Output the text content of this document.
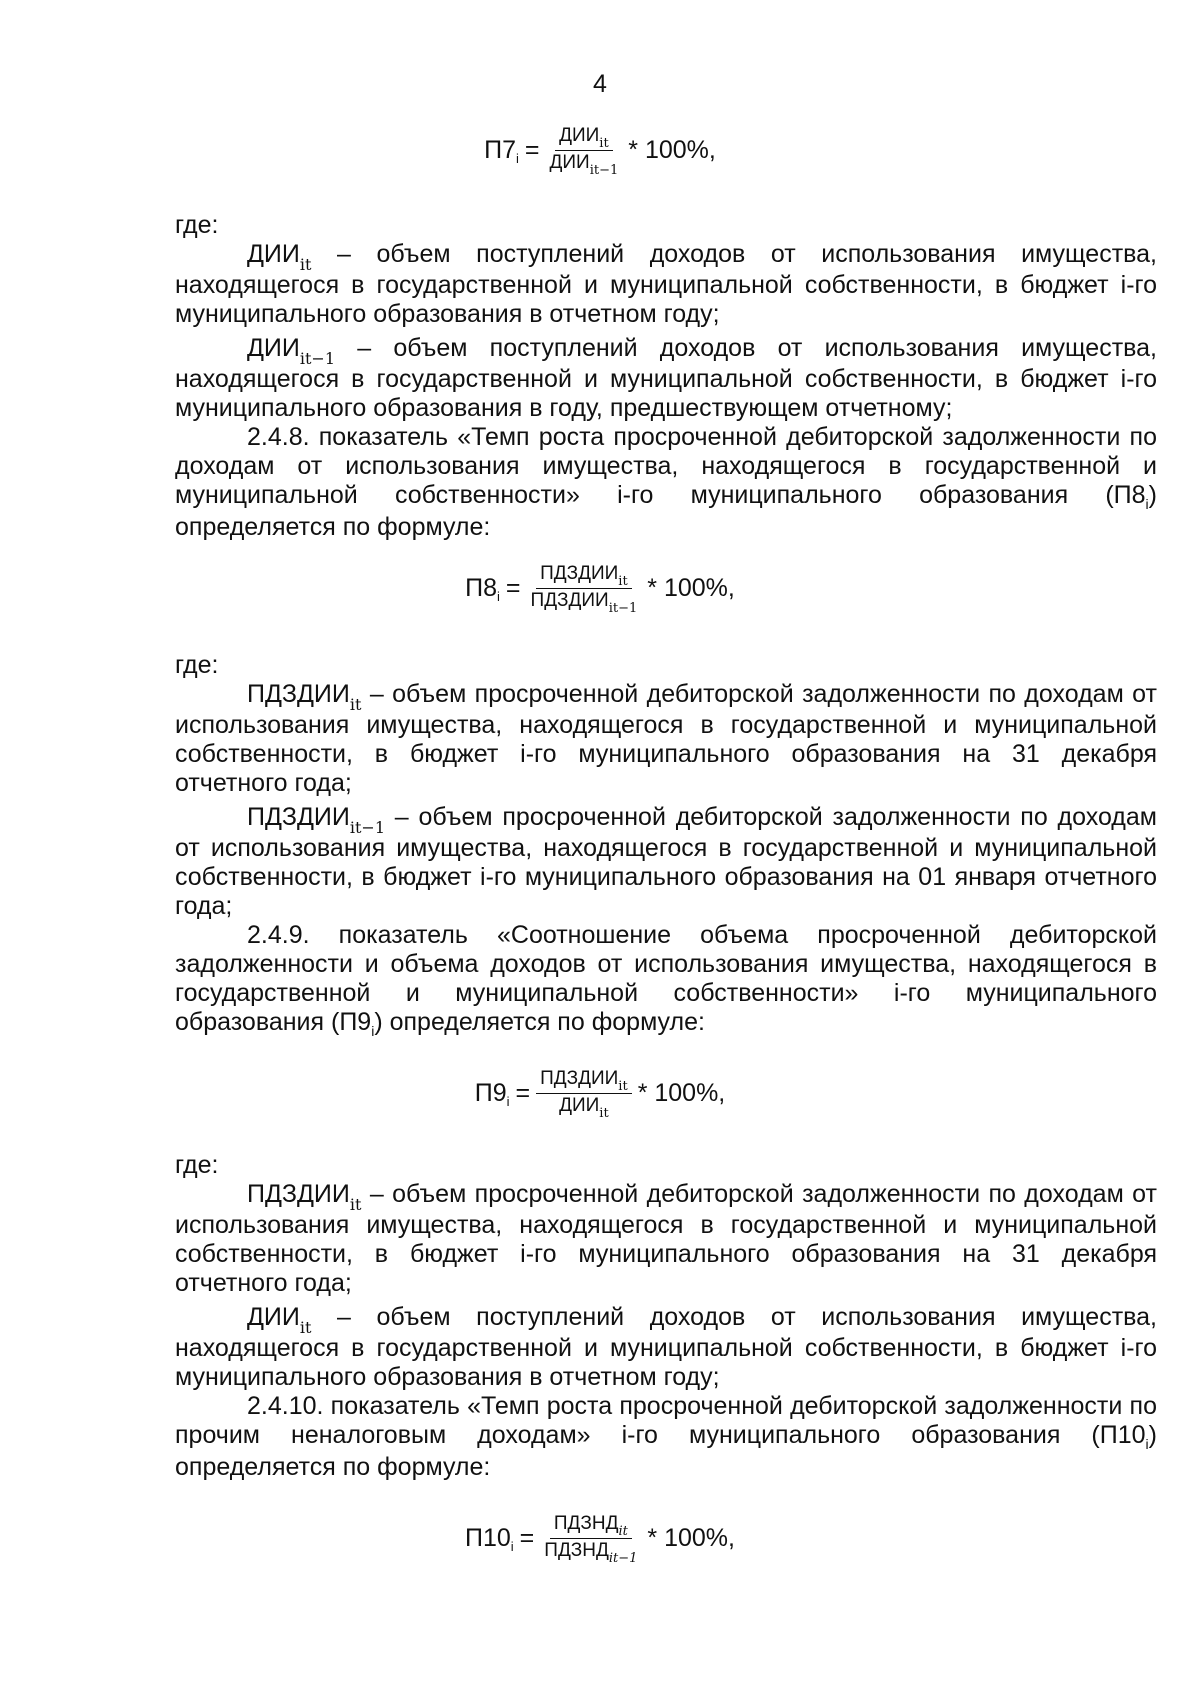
4
$П7_i = \frac{ДИИ_{it}}{ДИИ_{it-1}} * 100\%$,

где:

$ДИИ_{it}$ – объем поступлений доходов от использования имущества, находящегося в государственной и муниципальной собственности, в бюджет i-го муниципального образования в отчетном году;

$ДИИ_{it-1}$ – объем поступлений доходов от использования имущества, находящегося в государственной и муниципальной собственности, в бюджет i-го муниципального образования в году, предшествующем отчетному;

2.4.8. показатель «Темп роста просроченной дебиторской задолженности по доходам от использования имущества, находящегося в государственной и муниципальной собственности» i-го муниципального образования $(П8_i)$ определяется по формуле:

$П8_i = \frac{ПДЗДИИ_{it}}{ПДЗДИИ_{it-1}} * 100\%$,

где:

$ПДЗДИИ_{it}$ – объем просроченной дебиторской задолженности по доходам от использования имущества, находящегося в государственной и муниципальной собственности, в бюджет i-го муниципального образования на 31 декабря отчетного года;

$ПДЗДИИ_{it-1}$ – объем просроченной дебиторской задолженности по доходам от использования имущества, находящегося в государственной и муниципальной собственности, в бюджет i-го муниципального образования на 01 января отчетного года;

2.4.9. показатель «Соотношение объема просроченной дебиторской задолженности и объема доходов от использования имущества, находящегося в государственной и муниципальной собственности» i-го муниципального образования $(П9_i)$ определяется по формуле:

$П9_i = \frac{ПДЗДИИ_{it}}{ДИИ_{it}} * 100\%$,

где:

$ПДЗДИИ_{it}$ – объем просроченной дебиторской задолженности по доходам от использования имущества, находящегося в государственной и муниципальной собственности, в бюджет i-го муниципального образования на 31 декабря отчетного года;

$ДИИ_{it}$ – объем поступлений доходов от использования имущества, находящегося в государственной и муниципальной собственности, в бюджет i-го муниципального образования в отчетном году;

2.4.10. показатель «Темп роста просроченной дебиторской задолженности по прочим неналоговым доходам» i-го муниципального образования $(П10_i)$ определяется по формуле:

$П10_i = \frac{ПДЗНД_{it}}{ПДЗНД_{it-1}} * 100\%$,
